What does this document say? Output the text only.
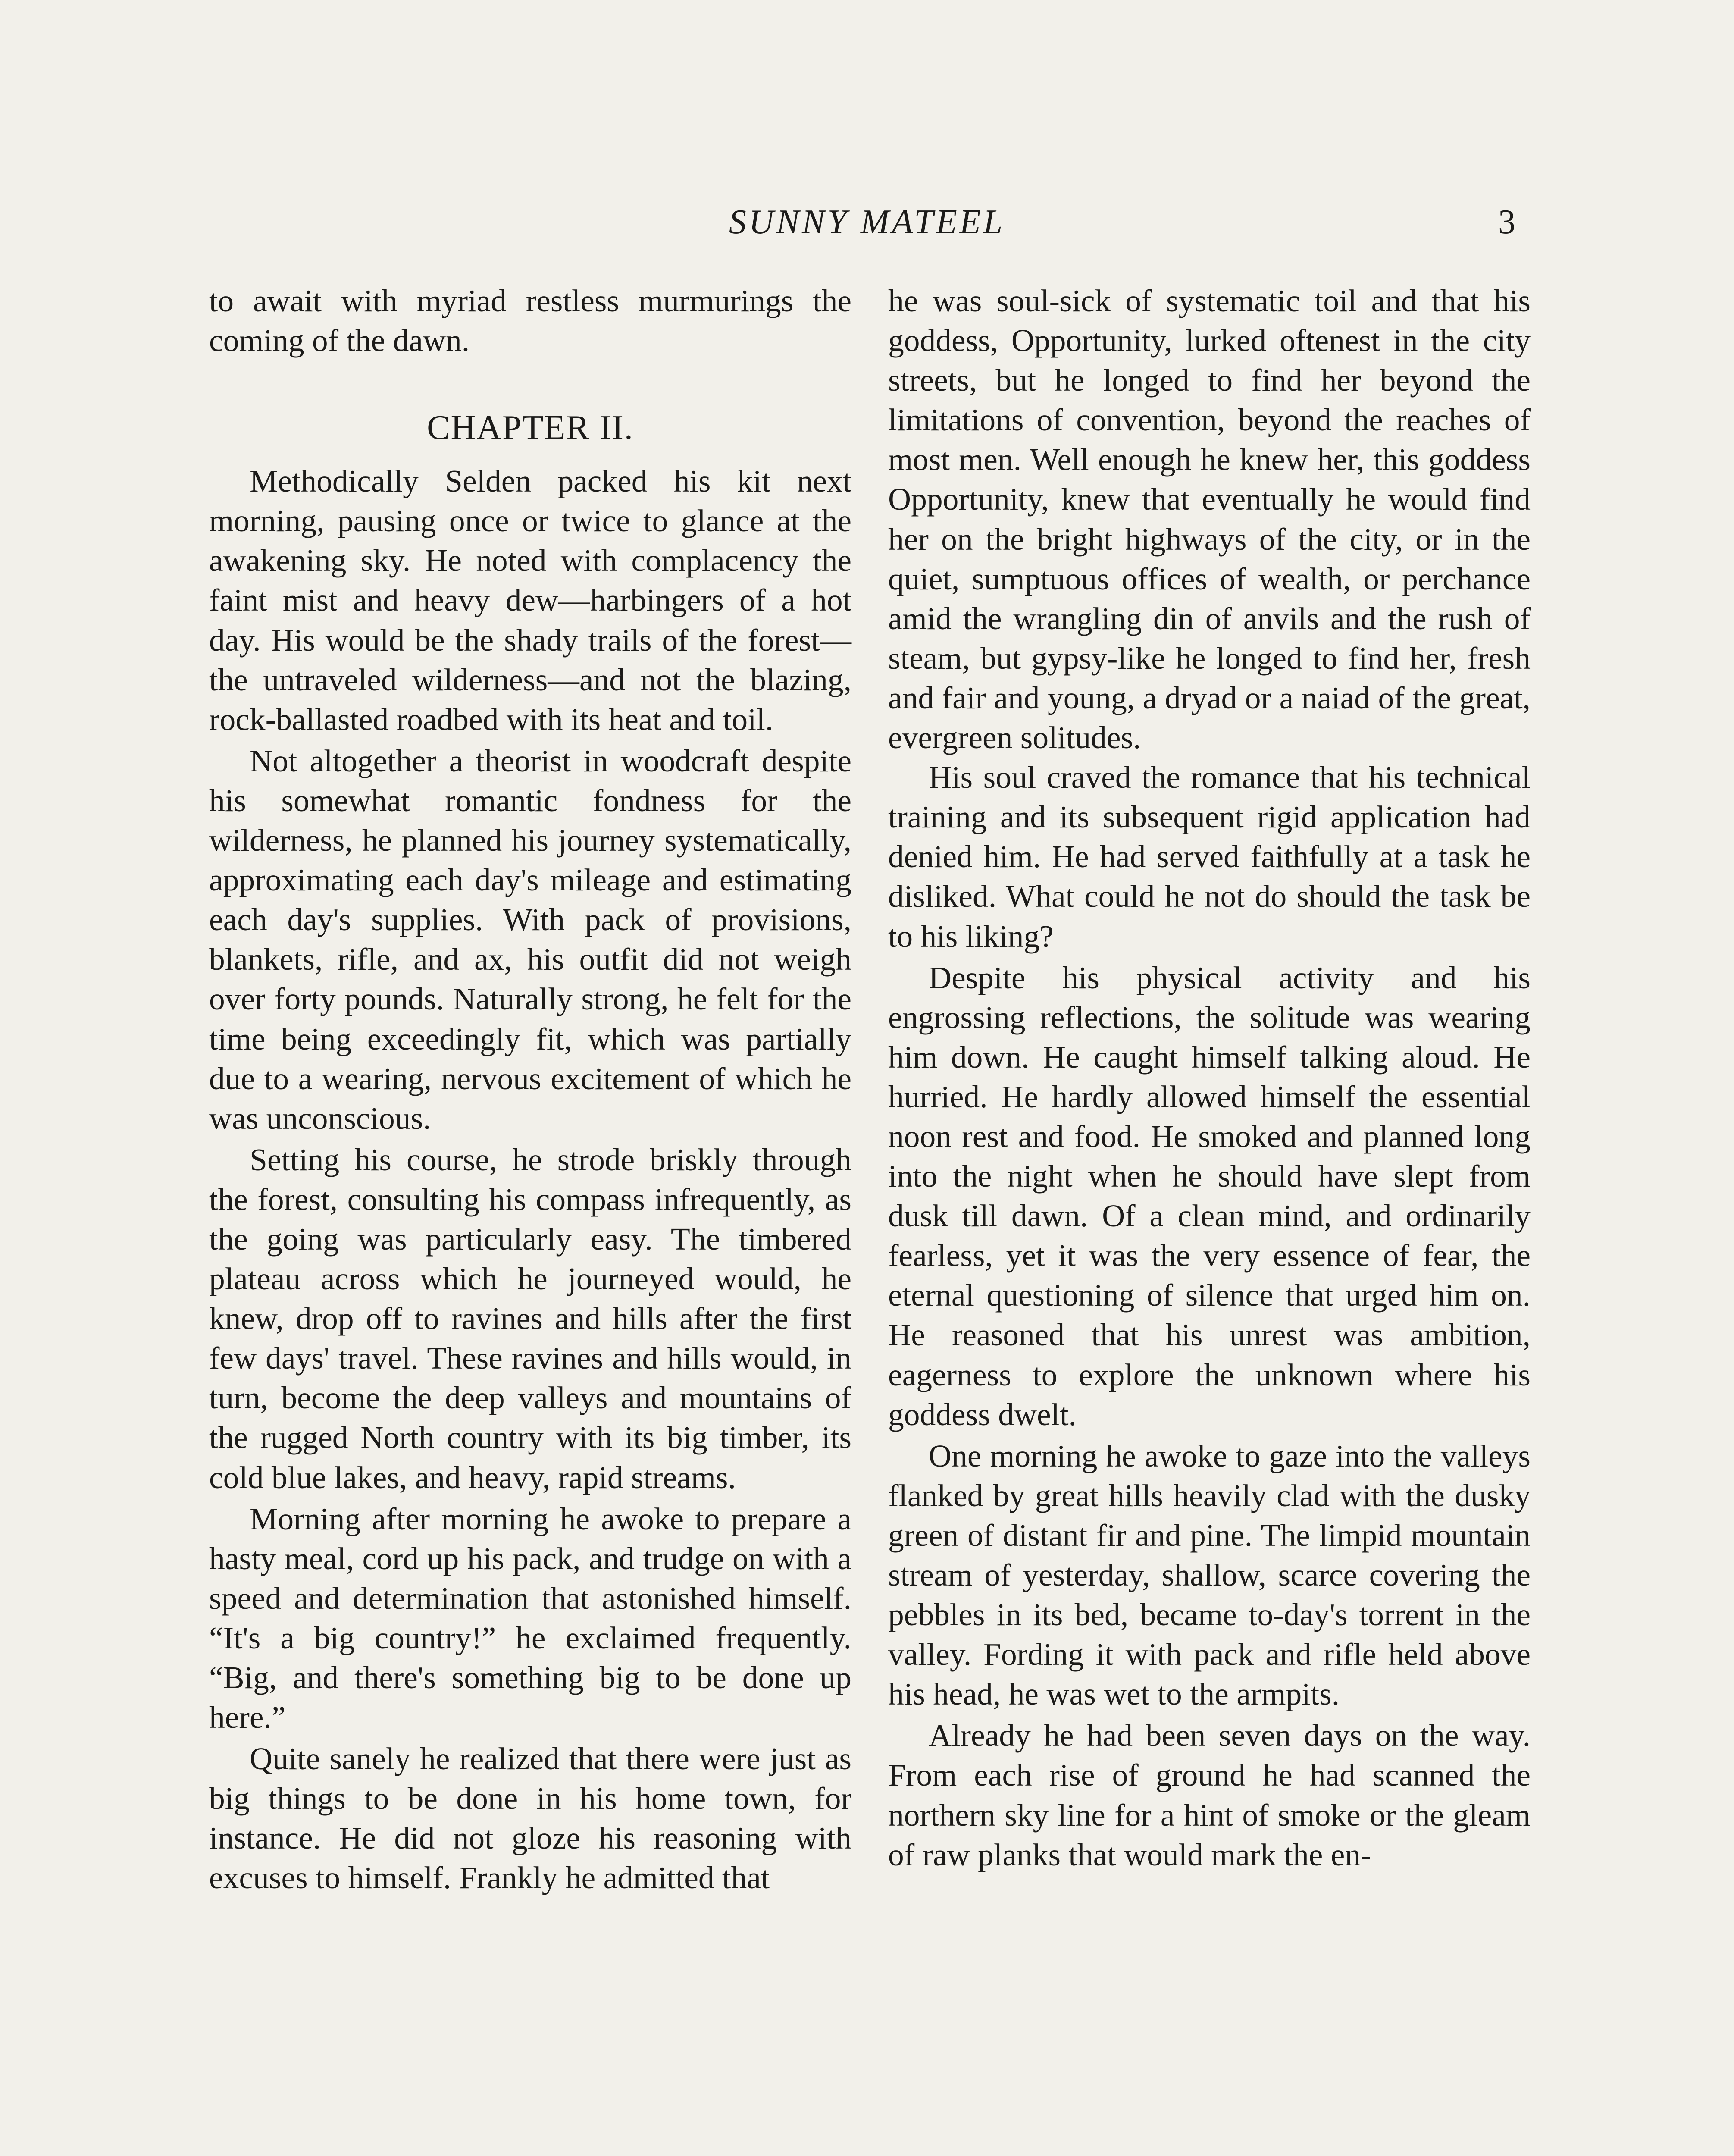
SUNNY MATEEL	3

to await with myriad restless murmurings the coming of the dawn.

CHAPTER II.

Methodically Selden packed his kit next morning, pausing once or twice to glance at the awakening sky. He noted with complacency the faint mist and heavy dew—harbingers of a hot day. His would be the shady trails of the forest—the untraveled wilderness—and not the blazing, rock-ballasted roadbed with its heat and toil.

Not altogether a theorist in woodcraft despite his somewhat romantic fondness for the wilderness, he planned his journey systematically, approximating each day's mileage and estimating each day's supplies. With pack of provisions, blankets, rifle, and ax, his outfit did not weigh over forty pounds. Naturally strong, he felt for the time being exceedingly fit, which was partially due to a wearing, nervous excitement of which he was unconscious.

Setting his course, he strode briskly through the forest, consulting his compass infrequently, as the going was particularly easy. The timbered plateau across which he journeyed would, he knew, drop off to ravines and hills after the first few days' travel. These ravines and hills would, in turn, become the deep valleys and mountains of the rugged North country with its big timber, its cold blue lakes, and heavy, rapid streams.

Morning after morning he awoke to prepare a hasty meal, cord up his pack, and trudge on with a speed and determination that astonished himself. “It's a big country!” he exclaimed frequently. “Big, and there's something big to be done up here.”

Quite sanely he realized that there were just as big things to be done in his home town, for instance. He did not gloze his reasoning with excuses to himself. Frankly he admitted that

he was soul-sick of systematic toil and that his goddess, Opportunity, lurked oftenest in the city streets, but he longed to find her beyond the limitations of convention, beyond the reaches of most men. Well enough he knew her, this goddess Opportunity, knew that eventually he would find her on the bright highways of the city, or in the quiet, sumptuous offices of wealth, or perchance amid the wrangling din of anvils and the rush of steam, but gypsy-like he longed to find her, fresh and fair and young, a dryad or a naiad of the great, evergreen solitudes.

His soul craved the romance that his technical training and its subsequent rigid application had denied him. He had served faithfully at a task he disliked. What could he not do should the task be to his liking?

Despite his physical activity and his engrossing reflections, the solitude was wearing him down. He caught himself talking aloud. He hurried. He hardly allowed himself the essential noon rest and food. He smoked and planned long into the night when he should have slept from dusk till dawn. Of a clean mind, and ordinarily fearless, yet it was the very essence of fear, the eternal questioning of silence that urged him on. He reasoned that his unrest was ambition, eagerness to explore the unknown where his goddess dwelt.

One morning he awoke to gaze into the valleys flanked by great hills heavily clad with the dusky green of distant fir and pine. The limpid mountain stream of yesterday, shallow, scarce covering the pebbles in its bed, became to-day's torrent in the valley. Fording it with pack and rifle held above his head, he was wet to the armpits.

Already he had been seven days on the way. From each rise of ground he had scanned the northern sky line for a hint of smoke or the gleam of raw planks that would mark the en-
